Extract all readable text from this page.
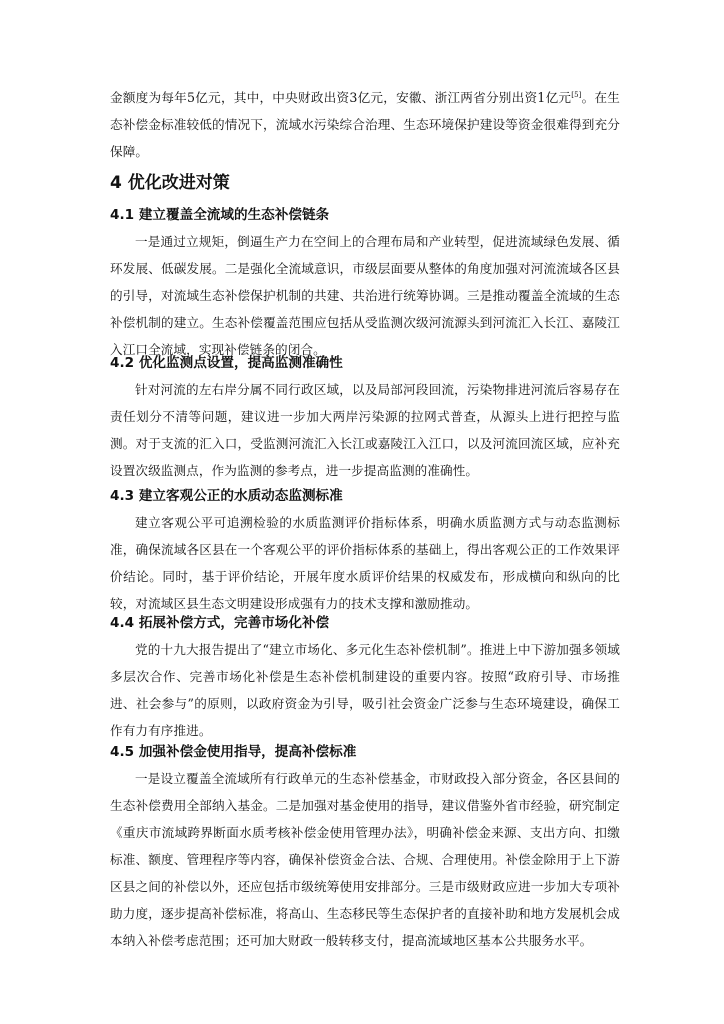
金额度为每年5亿元，其中，中央财政出资3亿元，安徽、浙江两省分别出资1亿元[5]。在生态补偿金标准较低的情况下，流域水污染综合治理、生态环境保护建设等资金很难得到充分保障。

4 优化改进对策
4.1 建立覆盖全流域的生态补偿链条

一是通过立规矩，倒逼生产力在空间上的合理布局和产业转型，促进流域绿色发展、循环发展、低碳发展。二是强化全流域意识，市级层面要从整体的角度加强对河流流域各区县的引导，对流域生态补偿保护机制的共建、共治进行统筹协调。三是推动覆盖全流域的生态补偿机制的建立。生态补偿覆盖范围应包括从受监测次级河流源头到河流汇入长江、嘉陵江入江口全流域，实现补偿链条的闭合。

4.2 优化监测点设置，提高监测准确性

针对河流的左右岸分属不同行政区域，以及局部河段回流，污染物排进河流后容易存在责任划分不清等问题，建议进一步加大两岸污染源的拉网式普查，从源头上进行把控与监测。对于支流的汇入口，受监测河流汇入长江或嘉陵江入江口，以及河流回流区域，应补充设置次级监测点，作为监测的参考点，进一步提高监测的准确性。

4.3 建立客观公正的水质动态监测标准

建立客观公平可追溯检验的水质监测评价指标体系，明确水质监测方式与动态监测标准，确保流域各区县在一个客观公平的评价指标体系的基础上，得出客观公正的工作效果评价结论。同时，基于评价结论，开展年度水质评价结果的权威发布，形成横向和纵向的比较，对流域区县生态文明建设形成强有力的技术支撑和激励推动。

4.4 拓展补偿方式，完善市场化补偿

党的十九大报告提出了“建立市场化、多元化生态补偿机制”。推进上中下游加强多领域多层次合作、完善市场化补偿是生态补偿机制建设的重要内容。按照“政府引导、市场推进、社会参与”的原则，以政府资金为引导，吸引社会资金广泛参与生态环境建设，确保工作有力有序推进。

4.5 加强补偿金使用指导，提高补偿标准

一是设立覆盖全流域所有行政单元的生态补偿基金，市财政投入部分资金，各区县间的生态补偿费用全部纳入基金。二是加强对基金使用的指导，建议借鉴外省市经验，研究制定《重庆市流域跨界断面水质考核补偿金使用管理办法》，明确补偿金来源、支出方向、扣缴标准、额度、管理程序等内容，确保补偿资金合法、合规、合理使用。补偿金除用于上下游区县之间的补偿以外，还应包括市级统筹使用安排部分。三是市级财政应进一步加大专项补助力度，逐步提高补偿标准，将高山、生态移民等生态保护者的直接补助和地方发展机会成本纳入补偿考虑范围；还可加大财政一般转移支付，提高流域地区基本公共服务水平。
